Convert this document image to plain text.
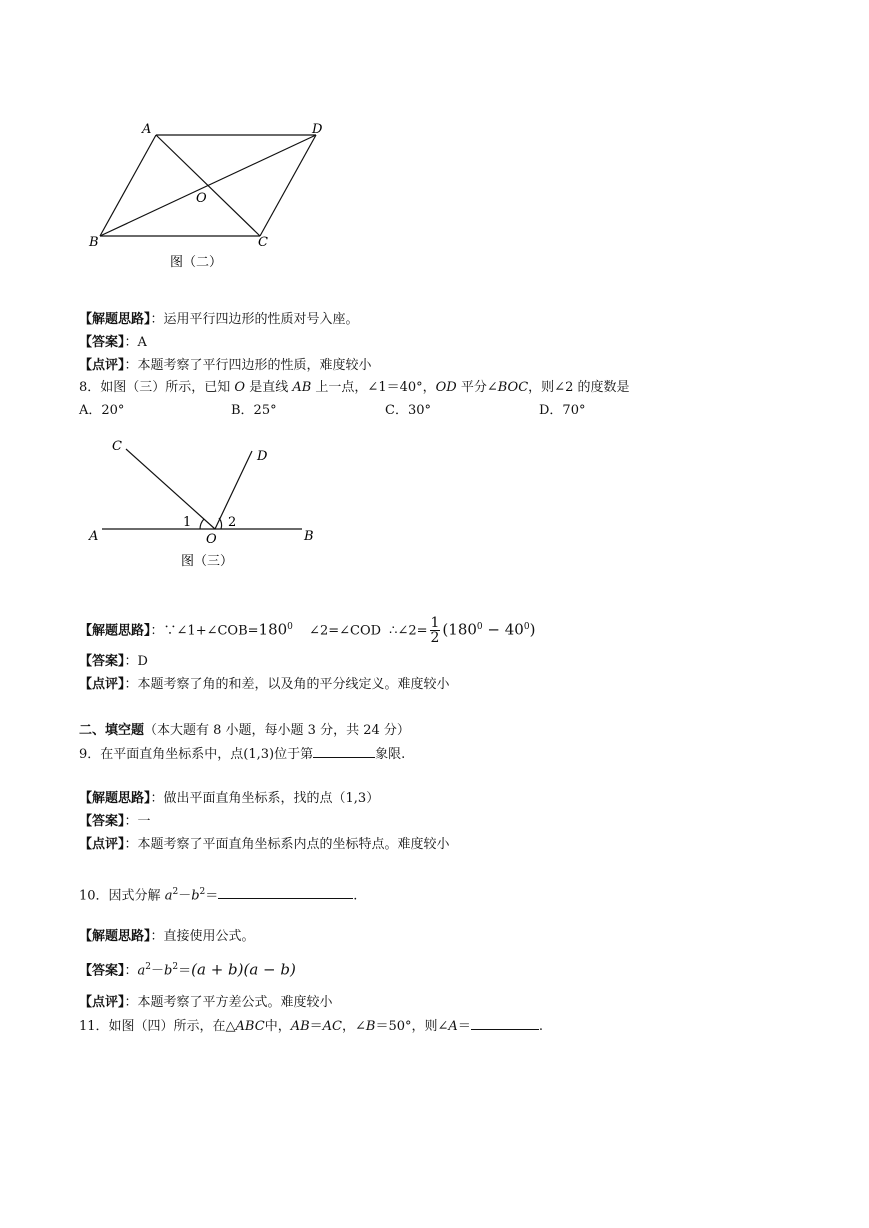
A	D
O
B	C
图（二）
【解题思路】：运用平行四边形的性质对号入座。
【答案】：A
【点评】：本题考察了平行四边形的性质，难度较小
8．如图（三）所示，已知 O 是直线 AB 上一点，∠1＝40°，OD 平分∠BOC，则∠2 的度数是
A．20°	B．25°	C．30°	D．70°
C
D
A	B
O
1	2
图（三）
【解题思路】：$\because\angle 1+\angle COB=180^0$ ∠2=∠COD ∴∠2= $\frac{1}{2} (180^0 - 40^0)$
【答案】：D
【点评】：本题考察了角的和差，以及角的平分线定义。难度较小
二、填空题（本大题有 8 小题，每小题 3 分，共 24 分）
9．在平面直角坐标系中，点(1,3)位于第	象限.
【解题思路】：做出平面直角坐标系，找的点（1,3）
【答案】：一
【点评】：本题考察了平面直角坐标系内点的坐标特点。难度较小
10．因式分解 $a^2-b^2=$	.
【解题思路】：直接使用公式。
【答案】：$a^2-b^2=(a + b)(a - b)$
【点评】：本题考察了平方差公式。难度较小
11．如图（四）所示，在△ABC中，AB＝AC，∠B＝50°，则∠A＝	.
